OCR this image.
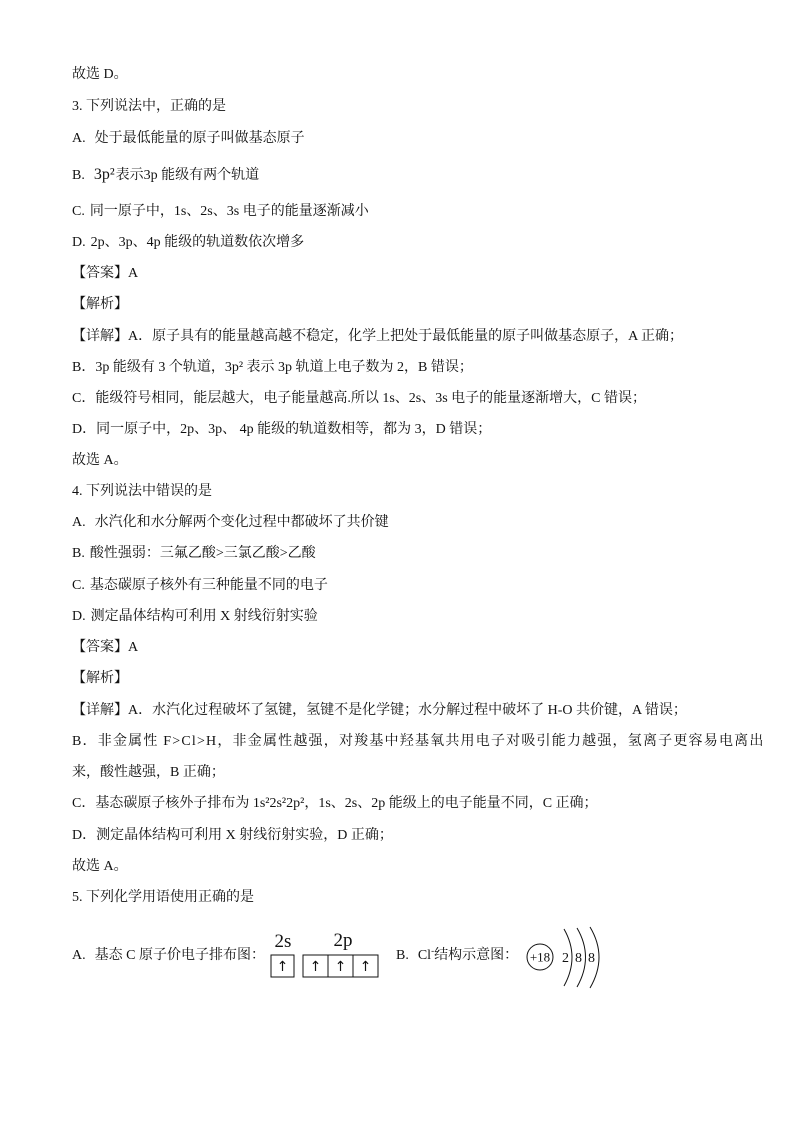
故选 D。
3. 下列说法中，正确的是
A. 处于最低能量的原子叫做基态原子
B. 3p²表示3p 能级有两个轨道
C. 同一原子中，1s、2s、3s 电子的能量逐渐减小
D. 2p、3p、4p 能级的轨道数依次增多
【答案】A
【解析】
【详解】A．原子具有的能量越高越不稳定，化学上把处于最低能量的原子叫做基态原子，A 正确；
B．3p 能级有 3 个轨道，3p² 表示 3p 轨道上电子数为 2，B 错误；
C．能级符号相同，能层越大，电子能量越高.所以 1s、2s、3s 电子的能量逐渐增大，C 错误；
D．同一原子中，2p、3p、 4p 能级的轨道数相等，都为 3，D 错误；
故选 A。
4. 下列说法中错误的是
A. 水汽化和水分解两个变化过程中都破坏了共价键
B. 酸性强弱：三氟乙酸>三氯乙酸>乙酸
C. 基态碳原子核外有三种能量不同的电子
D. 测定晶体结构可利用 X 射线衍射实验
【答案】A
【解析】
【详解】A．水汽化过程破坏了氢键，氢键不是化学键；水分解过程中破坏了 H-O 共价键，A 错误；
B．非金属性 F>Cl>H，非金属性越强，对羧基中羟基氧共用电子对吸引能力越强，氢离子更容易电离出
来，酸性越强，B 正确；
C．基态碳原子核外子排布为 1s²2s²2p²，1s、2s、2p 能级上的电子能量不同，C 正确；
D．测定晶体结构可利用 X 射线衍射实验，D 正确；
故选 A。
5. 下列化学用语使用正确的是
A. 基态 C 原子价电子排布图：
2s 2p
↑ ↑ ↑ ↑
B. Cl-结构示意图： +18 2 8 8
